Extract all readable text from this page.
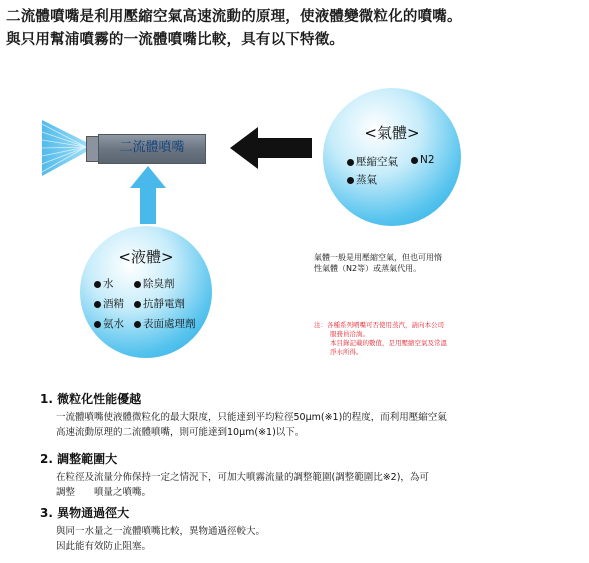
二流體噴嘴是利用壓縮空氣高速流動的原理，使液體變微粒化的噴嘴。
與只用幫浦噴霧的一流體噴嘴比較，具有以下特徵。
二流體噴嘴
<氣體>
壓縮空氣	N2
蒸氣
<液體>
水	除臭劑
酒精	抗靜電劑
氨水	表面處理劑
氣體一般是用壓縮空氣，但也可用惰
性氣體（N2等）或蒸氣代用。
注：各種系列噴嘴可否使用蒸汽，請向本公司
服務員洽詢。
本目錄記載的數值，是用壓縮空氣及常溫
淨水所得。
1. 微粒化性能優越
一流體噴嘴使液體微粒化的最大限度，只能達到平均粒徑50μm(※1)的程度，而利用壓縮空氣
高速流動原理的二流體噴嘴，則可能達到10μm(※1)以下。
2. 調整範圍大
在粒徑及流量分佈保持一定之情況下，可加大噴霧流量的調整範圍(調整範圍比※2)，為可
調整　　噴量之噴嘴。
3. 異物通過徑大
與同一水量之一流體噴嘴比較，異物通過徑較大。
因此能有效防止阻塞。
